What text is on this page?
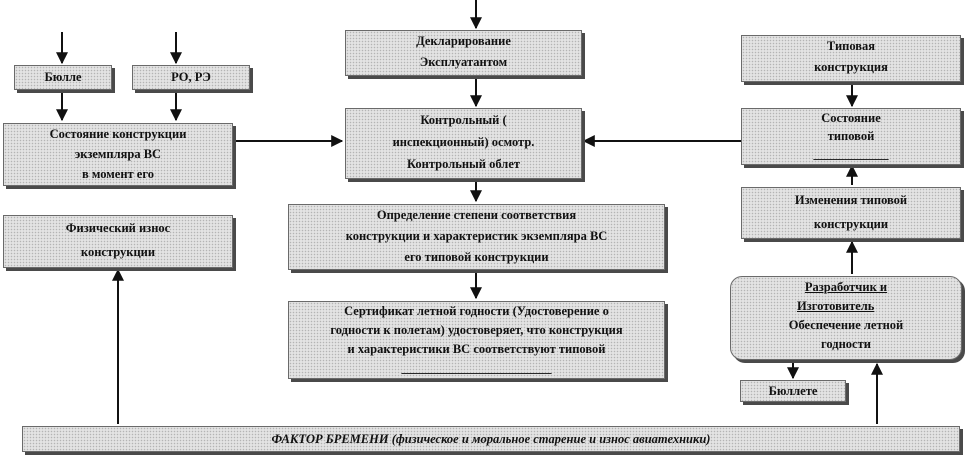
Бюлле	РО, РЭ
Декларирование
Эксплуатантом
Типовая
конструкция
Состояние конструкции
экземпляра ВС
в момент его
Контрольный (
инспекционный) осмотр.
Контрольный облет
Состояние
типовой
____________
Физический износ
конструкции
Определение степени соответствия
конструкции и характеристик экземпляра ВС
его типовой конструкции
Изменения типовой
конструкции
Сертификат летной годности (Удостоверение о
годности к полетам) удостоверяет, что конструкция
и характеристики ВС соответствуют типовой
________________________
Разработчик и
Изготовитель
Обеспечение летной
годности
Бюллете
ФАКТОР БРЕМЕНИ (физическое и моральное старение и износ авиатехники)
